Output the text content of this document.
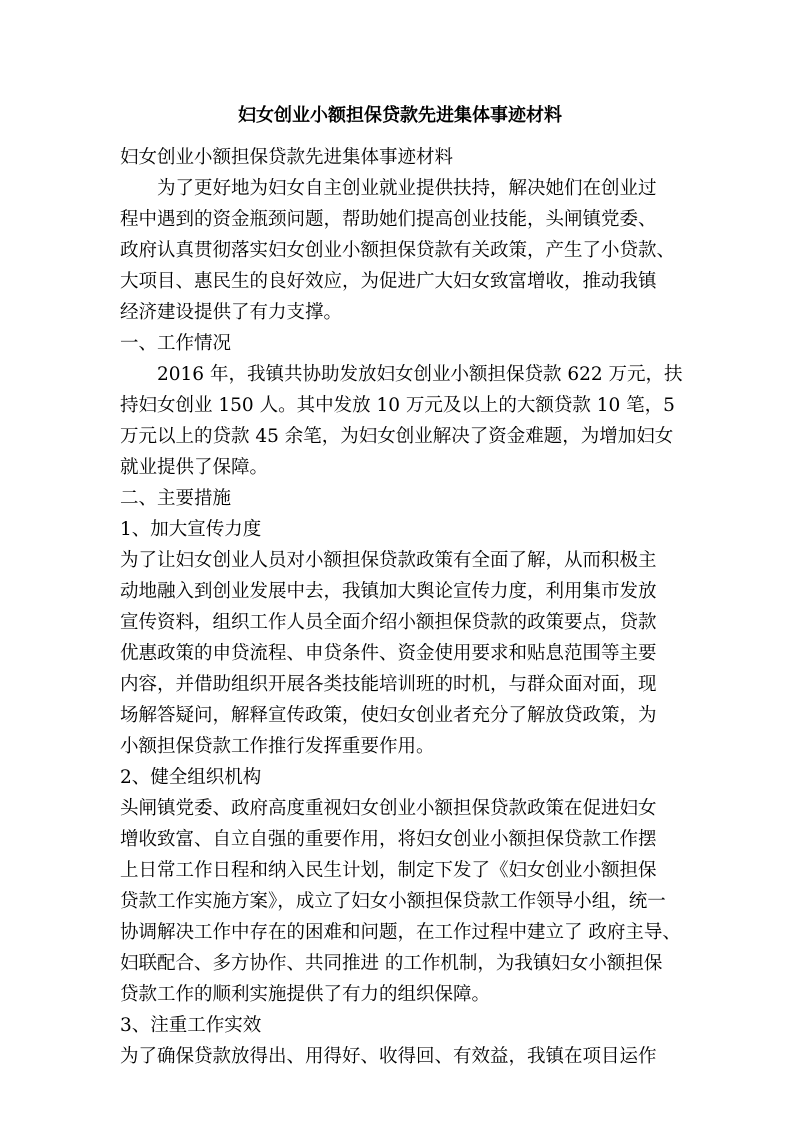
妇女创业小额担保贷款先进集体事迹材料
妇女创业小额担保贷款先进集体事迹材料
为了更好地为妇女自主创业就业提供扶持，解决她们在创业过
程中遇到的资金瓶颈问题，帮助她们提高创业技能，头闸镇党委、
政府认真贯彻落实妇女创业小额担保贷款有关政策，产生了小贷款、
大项目、惠民生的良好效应，为促进广大妇女致富增收，推动我镇
经济建设提供了有力支撑。
一、工作情况
2016 年，我镇共协助发放妇女创业小额担保贷款 622 万元，扶
持妇女创业 150 人。其中发放 10 万元及以上的大额贷款 10 笔，5
万元以上的贷款 45 余笔，为妇女创业解决了资金难题，为增加妇女
就业提供了保障。
二、主要措施
1、加大宣传力度
为了让妇女创业人员对小额担保贷款政策有全面了解，从而积极主
动地融入到创业发展中去，我镇加大舆论宣传力度，利用集市发放
宣传资料，组织工作人员全面介绍小额担保贷款的政策要点，贷款
优惠政策的申贷流程、申贷条件、资金使用要求和贴息范围等主要
内容，并借助组织开展各类技能培训班的时机，与群众面对面，现
场解答疑问，解释宣传政策，使妇女创业者充分了解放贷政策，为
小额担保贷款工作推行发挥重要作用。
2、健全组织机构
头闸镇党委、政府高度重视妇女创业小额担保贷款政策在促进妇女
增收致富、自立自强的重要作用，将妇女创业小额担保贷款工作摆
上日常工作日程和纳入民生计划，制定下发了《妇女创业小额担保
贷款工作实施方案》，成立了妇女小额担保贷款工作领导小组，统一
协调解决工作中存在的困难和问题，在工作过程中建立了 政府主导、
妇联配合、多方协作、共同推进 的工作机制，为我镇妇女小额担保
贷款工作的顺利实施提供了有力的组织保障。
3、注重工作实效
为了确保贷款放得出、用得好、收得回、有效益，我镇在项目运作
